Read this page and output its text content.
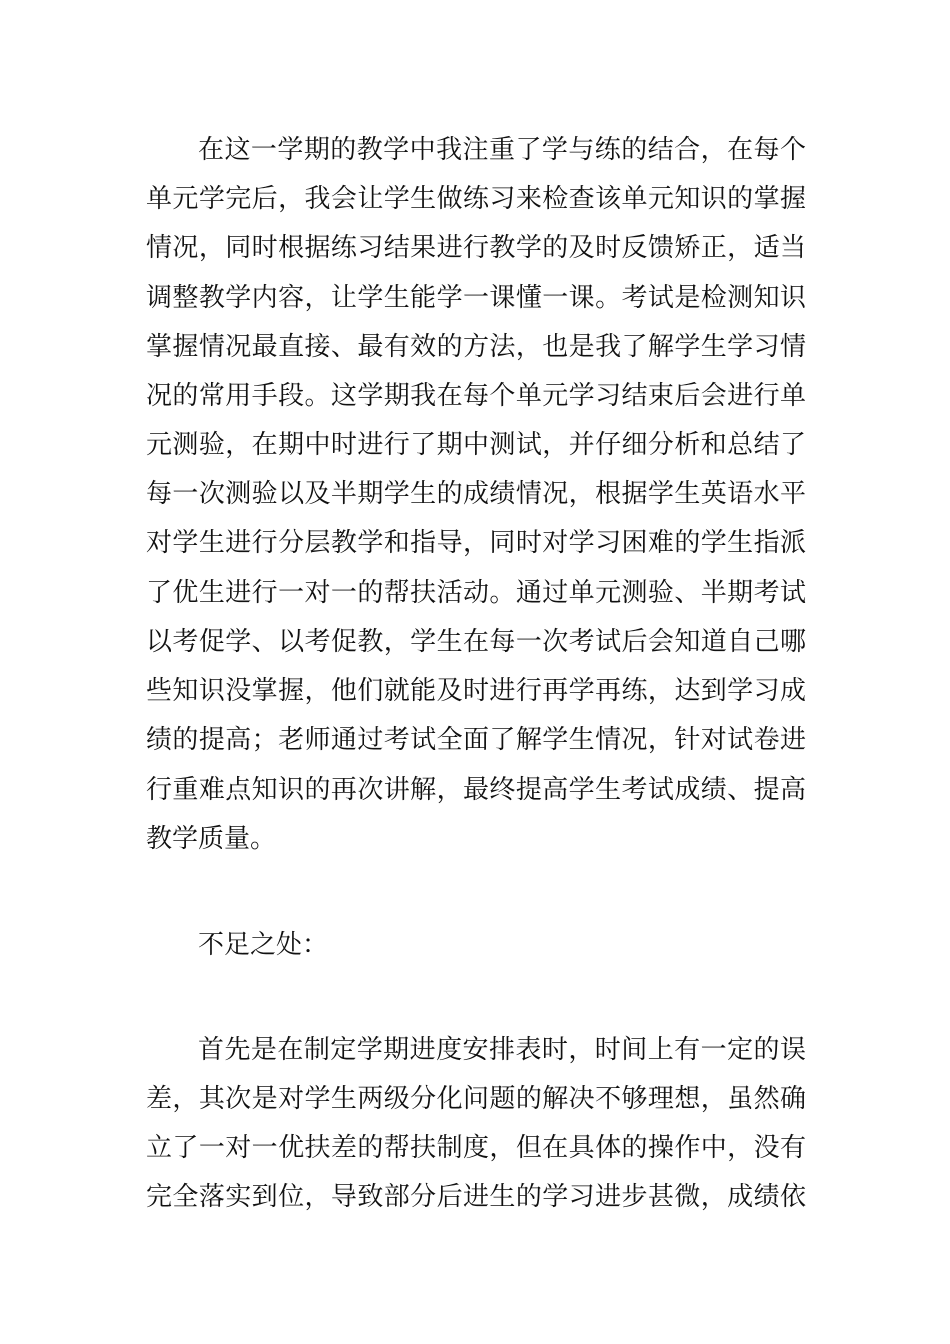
在这一学期的教学中我注重了学与练的结合，在每个

单元学完后，我会让学生做练习来检查该单元知识的掌握

情况，同时根据练习结果进行教学的及时反馈矫正，适当

调整教学内容，让学生能学一课懂一课。考试是检测知识

掌握情况最直接、最有效的方法，也是我了解学生学习情

况的常用手段。这学期我在每个单元学习结束后会进行单

元测验，在期中时进行了期中测试，并仔细分析和总结了

每一次测验以及半期学生的成绩情况，根据学生英语水平

对学生进行分层教学和指导，同时对学习困难的学生指派

了优生进行一对一的帮扶活动。通过单元测验、半期考试

以考促学、以考促教，学生在每一次考试后会知道自己哪

些知识没掌握，他们就能及时进行再学再练，达到学习成

绩的提高；老师通过考试全面了解学生情况，针对试卷进

行重难点知识的再次讲解，最终提高学生考试成绩、提高

教学质量。

不足之处：

首先是在制定学期进度安排表时，时间上有一定的误

差，其次是对学生两级分化问题的解决不够理想，虽然确

立了一对一优扶差的帮扶制度，但在具体的操作中，没有

完全落实到位，导致部分后进生的学习进步甚微，成绩依
